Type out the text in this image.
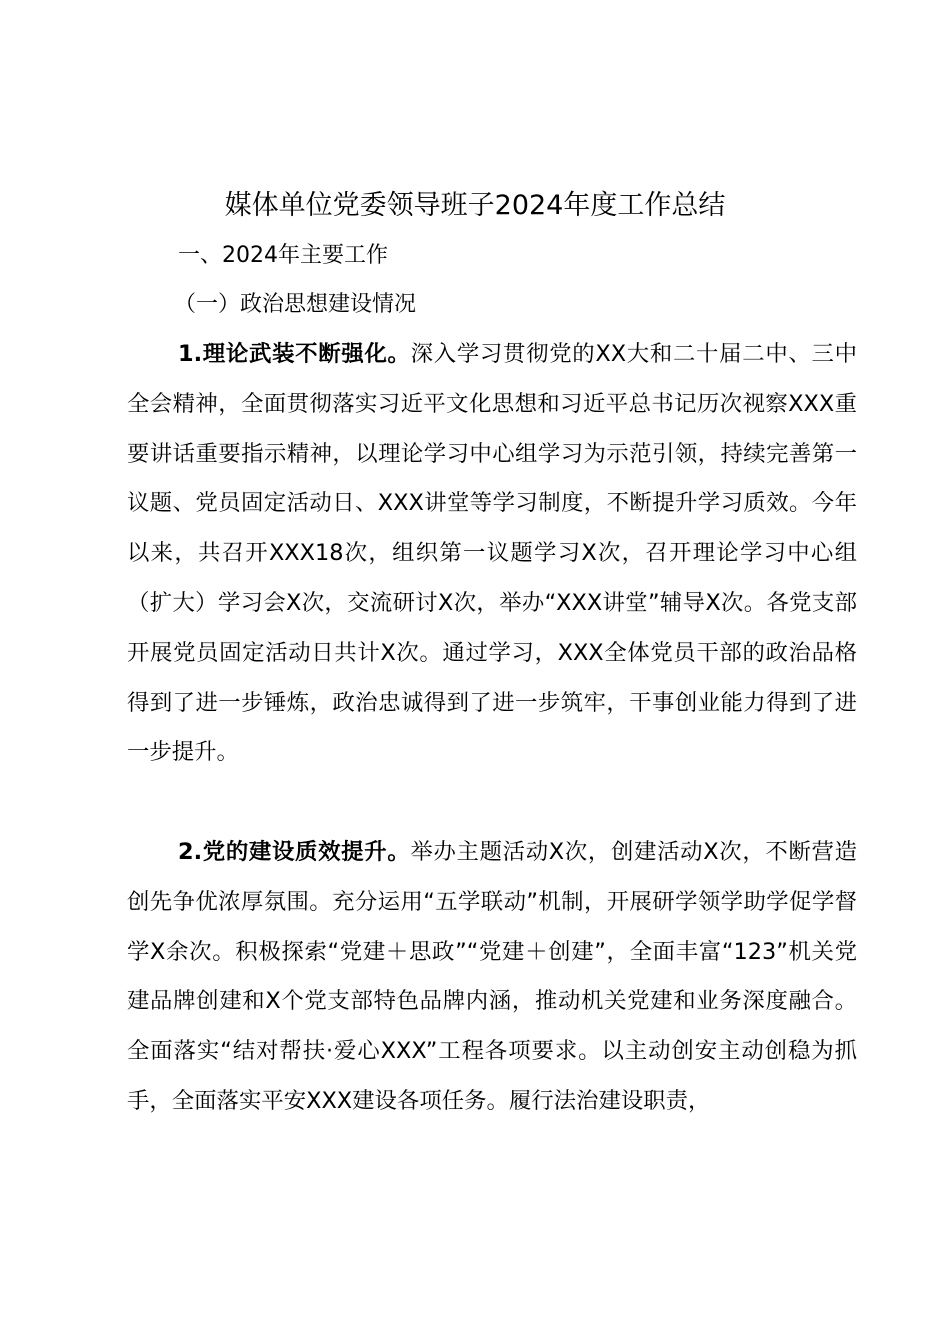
媒体单位党委领导班子2024年度工作总结
一、2024年主要工作
（一）政治思想建设情况

1.理论武装不断强化。深入学习贯彻党的XX大和二十届二中、三中全会精神，全面贯彻落实习近平文化思想和习近平总书记历次视察XXX重要讲话重要指示精神，以理论学习中心组学习为示范引领，持续完善第一议题、党员固定活动日、XXX讲堂等学习制度，不断提升学习质效。今年以来，共召开XXX18次，组织第一议题学习X次，召开理论学习中心组（扩大）学习会X次，交流研讨X次，举办“XXX讲堂”辅导X次。各党支部开展党员固定活动日共计X次。通过学习，XXX全体党员干部的政治品格得到了进一步锤炼，政治忠诚得到了进一步筑牢，干事创业能力得到了进一步提升。

2.党的建设质效提升。举办主题活动X次，创建活动X次，不断营造创先争优浓厚氛围。充分运用“五学联动”机制，开展研学领学助学促学督学X余次。积极探索“党建＋思政”“党建＋创建”，全面丰富“123”机关党建品牌创建和X个党支部特色品牌内涵，推动机关党建和业务深度融合。全面落实“结对帮扶·爱心XXX”工程各项要求。以主动创安主动创稳为抓手，全面落实平安XXX建设各项任务。履行法治建设职责，
